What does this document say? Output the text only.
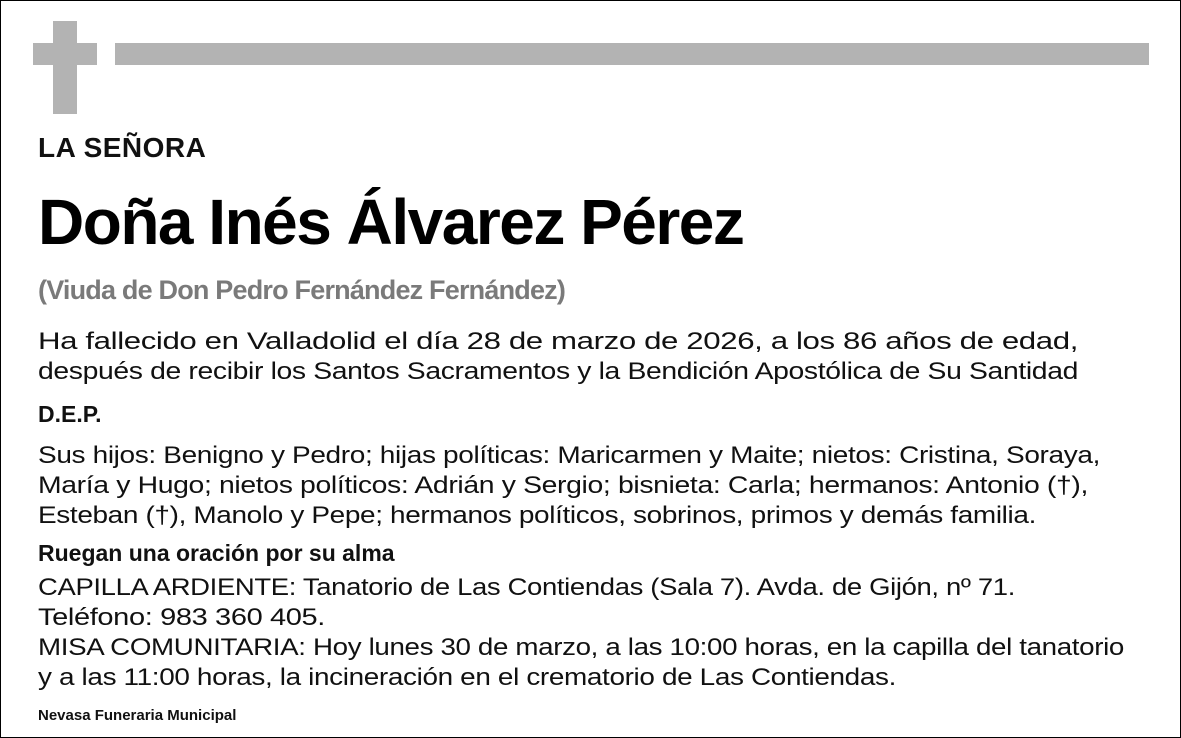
LA SEÑORA
Doña Inés Álvarez Pérez
(Viuda de Don Pedro Fernández Fernández)
Ha fallecido en Valladolid el día 28 de marzo de 2026, a los 86 años de edad,
después de recibir los Santos Sacramentos y la Bendición Apostólica de Su Santidad
D.E.P.
Sus hijos: Benigno y Pedro; hijas políticas: Maricarmen y Maite; nietos: Cristina, Soraya,
María y Hugo; nietos políticos: Adrián y Sergio; bisnieta: Carla; hermanos: Antonio (†),
Esteban (†), Manolo y Pepe; hermanos políticos, sobrinos, primos y demás familia.
Ruegan una oración por su alma
CAPILLA ARDIENTE: Tanatorio de Las Contiendas (Sala 7). Avda. de Gijón, nº 71.
Teléfono: 983 360 405.
MISA COMUNITARIA: Hoy lunes 30 de marzo, a las 10:00 horas, en la capilla del tanatorio
y a las 11:00 horas, la incineración en el crematorio de Las Contiendas.
Nevasa Funeraria Municipal
